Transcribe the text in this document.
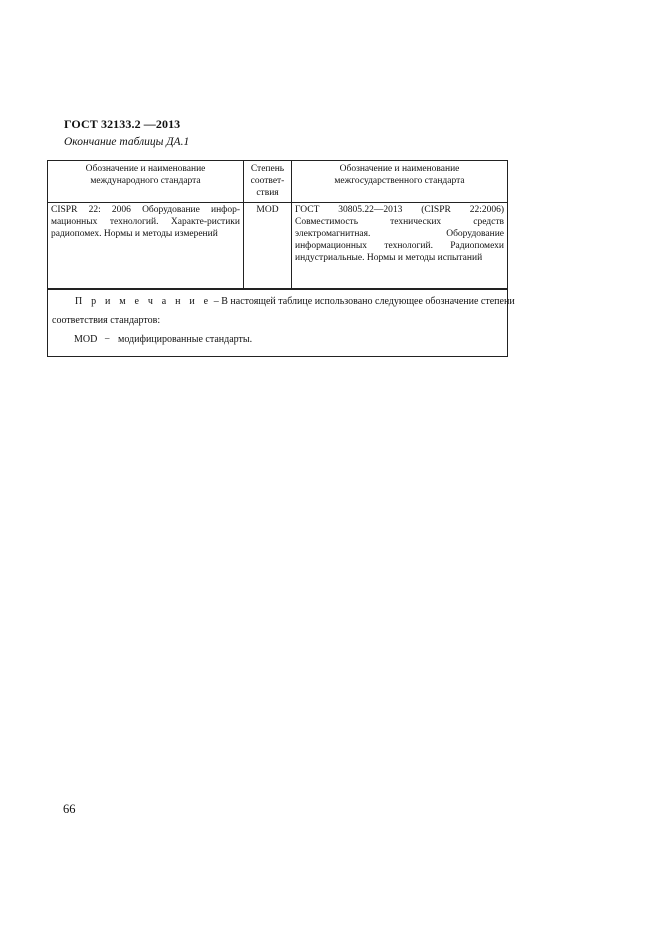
ГОСТ 32133.2 —2013
Окончание таблицы ДА.1
Обозначение и наименование международного стандарта	Степень соответ-ствия	Обозначение и наименование межгосударственного стандарта
CISPR 22: 2006 Оборудование инфор-мационных технологий. Характе-ристики радиопомех. Нормы и методы измерений	MOD	ГОСТ 30805.22—2013 (CISPR 22:2006) Совместимость технических средств электромагнитная. Оборудование информационных технологий. Радиопомехи индустриальные. Нормы и методы испытаний
П р и м е ч а н и е – В настоящей таблице использовано следующее обозначение степени
соответствия стандартов:
MOD − модифицированные стандарты.
66
